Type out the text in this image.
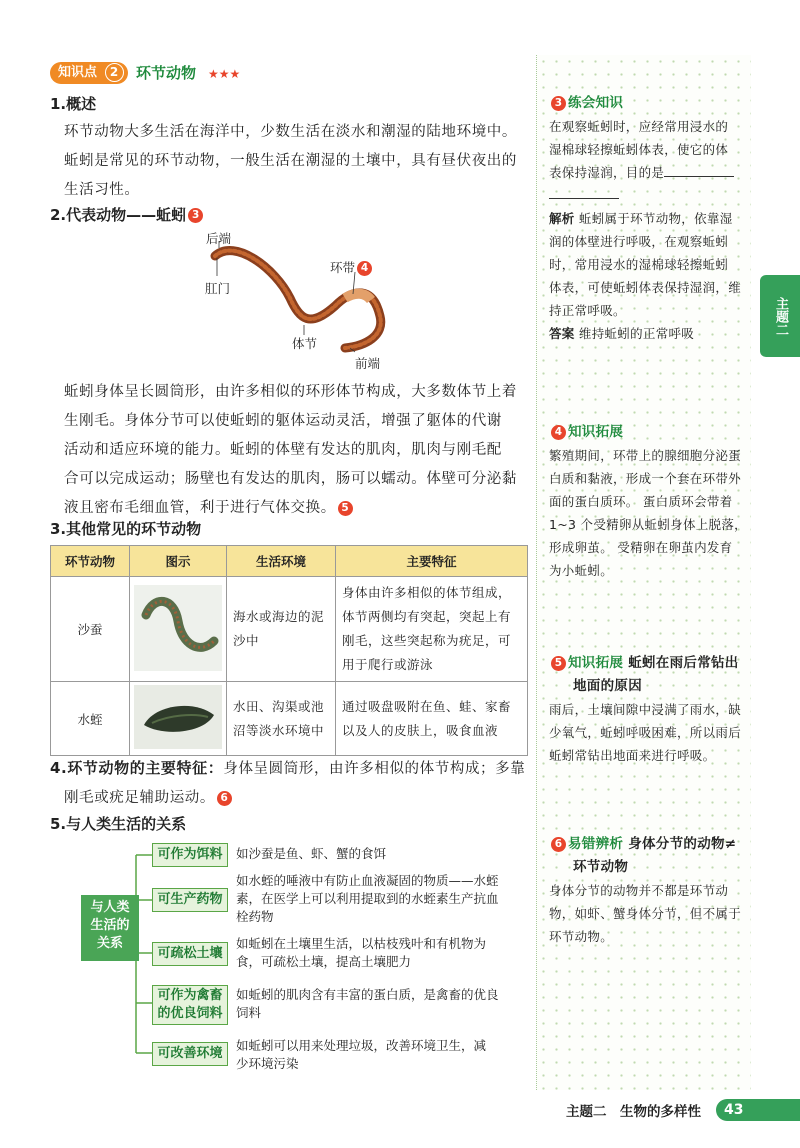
主题二
知识点 2	环节动物 ★★★
1.概述
环节动物大多生活在海洋中，少数生活在淡水和潮湿的陆地环境中。
蚯蚓是常见的环节动物，一般生活在潮湿的土壤中，具有昼伏夜出的
生活习性。
2.代表动物——蚯蚓 3
后端
肛门
环带 4
体节
前端
蚯蚓身体呈长圆筒形，由许多相似的环形体节构成，大多数体节上着
生刚毛。身体分节可以使蚯蚓的躯体运动灵活，增强了躯体的代谢
活动和适应环境的能力。蚯蚓的体壁有发达的肌肉，肌肉与刚毛配
合可以完成运动；肠壁也有发达的肌肉，肠可以蠕动。体壁可分泌黏
液且密布毛细血管，利于进行气体交换。 5
3.其他常见的环节动物
环节动物	图示	生活环境	主要特征
沙蚕		海水或海边的泥沙中	身体由许多相似的体节组成，体节两侧均有突起，突起上有刚毛，这些突起称为疣足，可用于爬行或游泳
水蛭		水田、沟渠或池沼等淡水环境中	通过吸盘吸附在鱼、蛙、家畜以及人的皮肤上，吸食血液
4.环节动物的主要特征：身体呈圆筒形，由许多相似的体节构成；多靠
刚毛或疣足辅助运动。 6
5.与人类生活的关系
与人类生活的关系
可作为饵料	如沙蚕是鱼、虾、蟹的食饵
可生产药物
如水蛭的唾液中有防止血液凝固的物质——水蛭素，在医学上可以利用提取到的水蛭素生产抗血栓药物
可疏松土壤
如蚯蚓在土壤里生活，以枯枝残叶和有机物为食，可疏松土壤，提高土壤肥力
可作为禽畜的优良饲料
如蚯蚓的肌肉含有丰富的蛋白质，是禽畜的优良饲料
可改善环境
如蚯蚓可以用来处理垃圾，改善环境卫生，减少环境污染
3 练会知识
在观察蚯蚓时，应经常用浸水的
湿棉球轻擦蚯蚓体表，使它的体
表保持湿润，目的是
解析 蚯蚓属于环节动物，依靠湿
润的体壁进行呼吸，在观察蚯蚓
时，常用浸水的湿棉球轻擦蚯蚓
体表，可使蚯蚓体表保持湿润，维
持正常呼吸。
答案 维持蚯蚓的正常呼吸
4 知识拓展
繁殖期间，环带上的腺细胞分泌蛋
白质和黏液，形成一个套在环带外
面的蛋白质环。 蛋白质环会带着
1~3 个受精卵从蚯蚓身体上脱落，
形成卵茧。 受精卵在卵茧内发育
为小蚯蚓。
5 知识拓展 蚯蚓在雨后常钻出
地面的原因
雨后，土壤间隙中浸满了雨水，缺
少氧气，蚯蚓呼吸困难，所以雨后
蚯蚓常钻出地面来进行呼吸。
6 易错辨析 身体分节的动物≠
环节动物
身体分节的动物并不都是环节动
物，如虾、蟹身体分节，但不属于
环节动物。
主题二　生物的多样性	43
